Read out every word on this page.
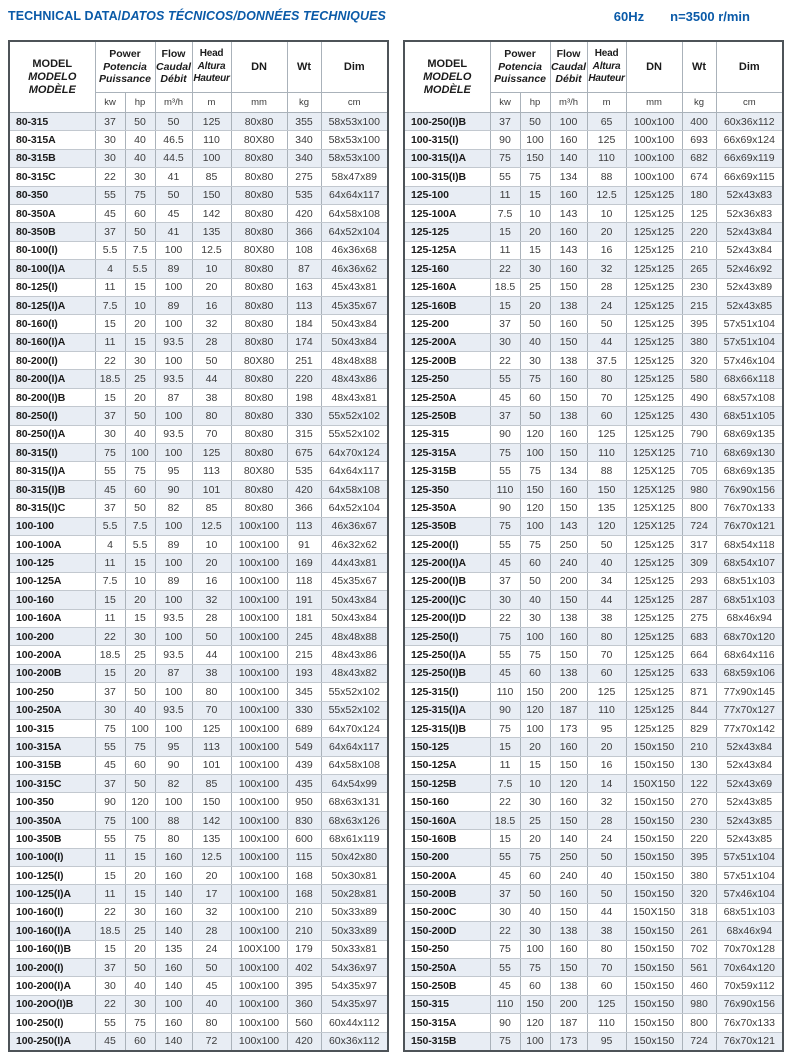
TECHNICAL DATA/DATOS TÉCNICOS/DONNÉES TECHNIQUES	60Hz n=3500 r/min
MODEL
MODELO
MODÈLE	Power
Potencia
Puissance		Flow
Caudal
Débit	Head
Altura
Hauteur	DN	Wt	Dim
	kw	hp	m³/h	m	mm	kg	cm
80-315	37	50	50	125	80x80	355	58x53x100
80-315A	30	40	46.5	110	80X80	340	58x53x100
80-315B	30	40	44.5	100	80x80	340	58x53x100
80-315C	22	30	41	85	80x80	275	58x47x89
80-350	55	75	50	150	80x80	535	64x64x117
80-350A	45	60	45	142	80x80	420	64x58x108
80-350B	37	50	41	135	80x80	366	64x52x104
80-100(I)	5.5	7.5	100	12.5	80X80	108	46x36x68
80-100(I)A	4	5.5	89	10	80x80	87	46x36x62
80-125(I)	11	15	100	20	80x80	163	45x43x81
80-125(I)A	7.5	10	89	16	80x80	113	45x35x67
80-160(I)	15	20	100	32	80x80	184	50x43x84
80-160(I)A	11	15	93.5	28	80x80	174	50x43x84
80-200(I)	22	30	100	50	80X80	251	48x48x88
80-200(I)A	18.5	25	93.5	44	80x80	220	48x43x86
80-200(I)B	15	20	87	38	80x80	198	48x43x81
80-250(I)	37	50	100	80	80x80	330	55x52x102
80-250(I)A	30	40	93.5	70	80x80	315	55x52x102
80-315(I)	75	100	100	125	80x80	675	64x70x124
80-315(I)A	55	75	95	113	80X80	535	64x64x117
80-315(I)B	45	60	90	101	80x80	420	64x58x108
80-315(I)C	37	50	82	85	80x80	366	64x52x104
100-100	5.5	7.5	100	12.5	100x100	113	46x36x67
100-100A	4	5.5	89	10	100x100	91	46x32x62
100-125	11	15	100	20	100x100	169	44x43x81
100-125A	7.5	10	89	16	100x100	118	45x35x67
100-160	15	20	100	32	100x100	191	50x43x84
100-160A	11	15	93.5	28	100x100	181	50x43x84
100-200	22	30	100	50	100x100	245	48x48x88
100-200A	18.5	25	93.5	44	100x100	215	48x43x86
100-200B	15	20	87	38	100x100	193	48x43x82
100-250	37	50	100	80	100x100	345	55x52x102
100-250A	30	40	93.5	70	100x100	330	55x52x102
100-315	75	100	100	125	100x100	689	64x70x124
100-315A	55	75	95	113	100x100	549	64x64x117
100-315B	45	60	90	101	100x100	439	64x58x108
100-315C	37	50	82	85	100x100	435	64x54x99
100-350	90	120	100	150	100x100	950	68x63x131
100-350A	75	100	88	142	100x100	830	68x63x126
100-350B	55	75	80	135	100x100	600	68x61x119
100-100(I)	11	15	160	12.5	100x100	115	50x42x80
100-125(I)	15	20	160	20	100x100	168	50x30x81
100-125(I)A	11	15	140	17	100x100	168	50x28x81
100-160(I)	22	30	160	32	100x100	210	50x33x89
100-160(I)A	18.5	25	140	28	100x100	210	50x33x89
100-160(I)B	15	20	135	24	100X100	179	50x33x81
100-200(I)	37	50	160	50	100x100	402	54x36x97
100-200(I)A	30	40	140	45	100x100	395	54x35x97
100-20O(I)B	22	30	100	40	100x100	360	54x35x97
100-250(I)	55	75	160	80	100x100	560	60x44x112
100-250(I)A	45	60	140	72	100x100	420	60x36x112
MODEL
MODELO
MODÈLE	Power
Potencia
Puissance		Flow
Caudal
Débit	Head
Altura
Hauteur	DN	Wt	Dim
	kw	hp	m³/h	m	mm	kg	cm
100-250(I)B	37	50	100	65	100x100	400	60x36x112
100-315(I)	90	100	160	125	100x100	693	66x69x124
100-315(I)A	75	150	140	110	100x100	682	66x69x119
100-315(I)B	55	75	134	88	100x100	674	66x69x115
125-100	11	15	160	12.5	125x125	180	52x43x83
125-100A	7.5	10	143	10	125x125	125	52x36x83
125-125	15	20	160	20	125x125	220	52x43x84
125-125A	11	15	143	16	125x125	210	52x43x84
125-160	22	30	160	32	125x125	265	52x46x92
125-160A	18.5	25	150	28	125x125	230	52x43x89
125-160B	15	20	138	24	125x125	215	52x43x85
125-200	37	50	160	50	125x125	395	57x51x104
125-200A	30	40	150	44	125x125	380	57x51x104
125-200B	22	30	138	37.5	125x125	320	57x46x104
125-250	55	75	160	80	125x125	580	68x66x118
125-250A	45	60	150	70	125x125	490	68x57x108
125-250B	37	50	138	60	125x125	430	68x51x105
125-315	90	120	160	125	125x125	790	68x69x135
125-315A	75	100	150	110	125X125	710	68x69x130
125-315B	55	75	134	88	125X125	705	68x69x135
125-350	110	150	160	150	125X125	980	76x90x156
125-350A	90	120	150	135	125X125	800	76x70x133
125-350B	75	100	143	120	125X125	724	76x70x121
125-200(I)	55	75	250	50	125x125	317	68x54x118
125-200(I)A	45	60	240	40	125x125	309	68x54x107
125-200(I)B	37	50	200	34	125x125	293	68x51x103
125-200(I)C	30	40	150	44	125x125	287	68x51x103
125-200(I)D	22	30	138	38	125x125	275	68x46x94
125-250(I)	75	100	160	80	125x125	683	68x70x120
125-250(I)A	55	75	150	70	125x125	664	68x64x116
125-250(I)B	45	60	138	60	125x125	633	68x59x106
125-315(I)	110	150	200	125	125x125	871	77x90x145
125-315(I)A	90	120	187	110	125x125	844	77x70x127
125-315(I)B	75	100	173	95	125x125	829	77x70x142
150-125	15	20	160	20	150x150	210	52x43x84
150-125A	11	15	150	16	150x150	130	52x43x84
150-125B	7.5	10	120	14	150X150	122	52x43x69
150-160	22	30	160	32	150x150	270	52x43x85
150-160A	18.5	25	150	28	150x150	230	52x43x85
150-160B	15	20	140	24	150x150	220	52x43x85
150-200	55	75	250	50	150x150	395	57x51x104
150-200A	45	60	240	40	150x150	380	57x51x104
150-200B	37	50	160	50	150x150	320	57x46x104
150-200C	30	40	150	44	150X150	318	68x51x103
150-200D	22	30	138	38	150x150	261	68x46x94
150-250	75	100	160	80	150x150	702	70x70x128
150-250A	55	75	150	70	150x150	561	70x64x120
150-250B	45	60	138	60	150x150	460	70x59x112
150-315	110	150	200	125	150x150	980	76x90x156
150-315A	90	120	187	110	150x150	800	76x70x133
150-315B	75	100	173	95	150x150	724	76x70x121
